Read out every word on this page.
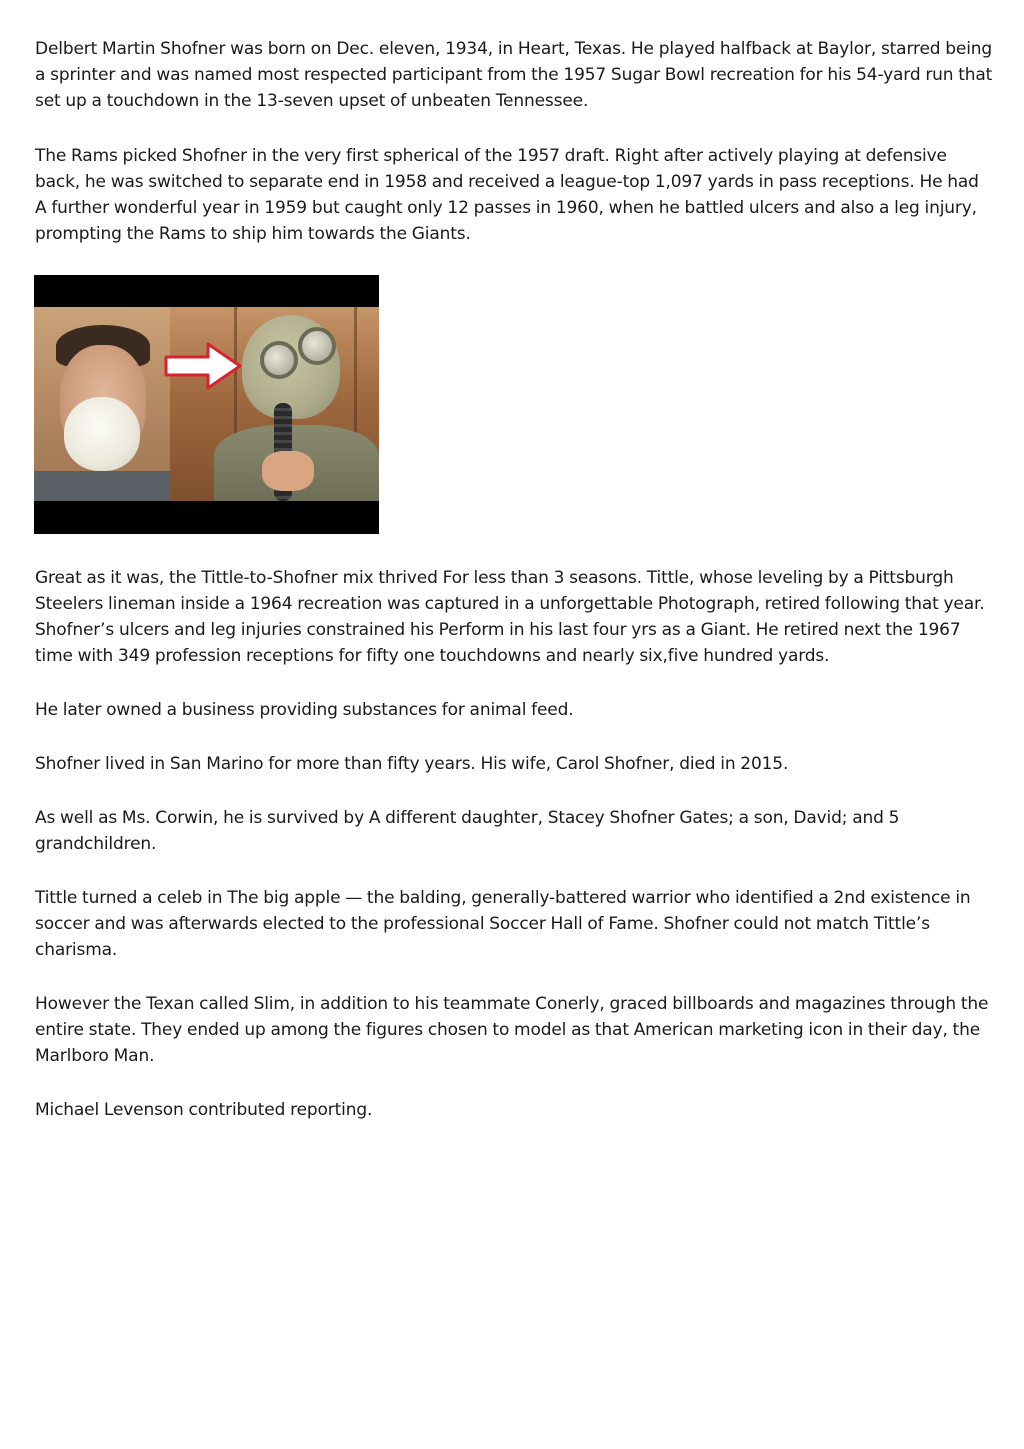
Delbert Martin Shofner was born on Dec. eleven, 1934, in Heart, Texas. He played halfback at Baylor, starred being a sprinter and was named most respected participant from the 1957 Sugar Bowl recreation for his 54-yard run that set up a touchdown in the 13-seven upset of unbeaten Tennessee.

The Rams picked Shofner in the very first spherical of the 1957 draft. Right after actively playing at defensive back, he was switched to separate end in 1958 and received a league-top 1,097 yards in pass receptions. He had A further wonderful year in 1959 but caught only 12 passes in 1960, when he battled ulcers and also a leg injury, prompting the Rams to ship him towards the Giants.

Great as it was, the Tittle-to-Shofner mix thrived For less than 3 seasons. Tittle, whose leveling by a Pittsburgh Steelers lineman inside a 1964 recreation was captured in a unforgettable Photograph, retired following that year. Shofner’s ulcers and leg injuries constrained his Perform in his last four yrs as a Giant. He retired next the 1967 time with 349 profession receptions for fifty one touchdowns and nearly six,five hundred yards.

He later owned a business providing substances for animal feed.

Shofner lived in San Marino for more than fifty years. His wife, Carol Shofner, died in 2015.

As well as Ms. Corwin, he is survived by A different daughter, Stacey Shofner Gates; a son, David; and 5 grandchildren.

Tittle turned a celeb in The big apple — the balding, generally-battered warrior who identified a 2nd existence in soccer and was afterwards elected to the professional Soccer Hall of Fame. Shofner could not match Tittle’s charisma.

However the Texan called Slim, in addition to his teammate Conerly, graced billboards and magazines through the entire state. They ended up among the figures chosen to model as that American marketing icon in their day, the Marlboro Man.

Michael Levenson contributed reporting.
